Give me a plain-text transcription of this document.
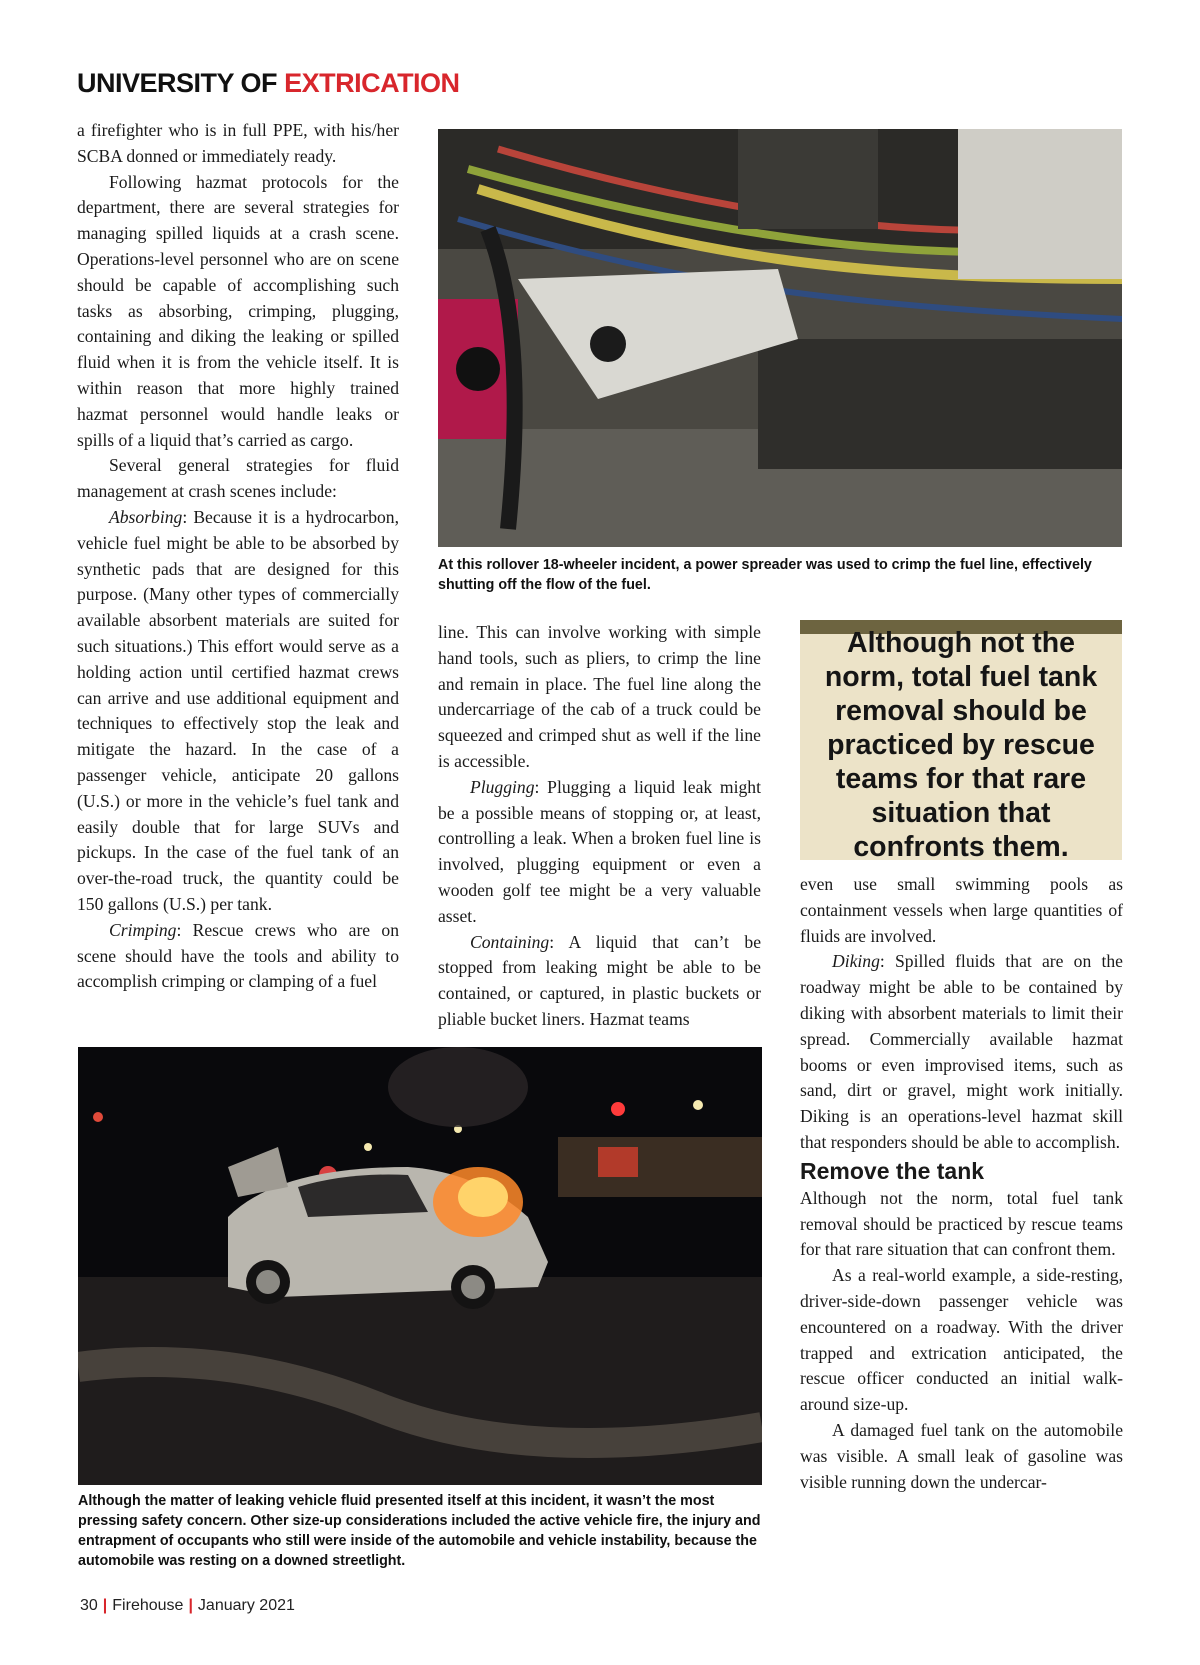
UNIVERSITY OF EXTRICATION

a firefighter who is in full PPE, with his/her SCBA donned or immediately ready.

Following hazmat protocols for the department, there are several strategies for managing spilled liquids at a crash scene. Operations-level personnel who are on scene should be capable of accomplishing such tasks as absorbing, crimping, plugging, containing and diking the leaking or spilled fluid when it is from the vehicle itself. It is within reason that more highly trained hazmat personnel would handle leaks or spills of a liquid that’s carried as cargo.

Several general strategies for fluid management at crash scenes include:

Absorbing: Because it is a hydrocarbon, vehicle fuel might be able to be absorbed by synthetic pads that are designed for this purpose. (Many other types of commercially available absorbent materials are suited for such situations.) This effort would serve as a holding action until certified hazmat crews can arrive and use additional equipment and techniques to effectively stop the leak and mitigate the hazard. In the case of a passenger vehicle, anticipate 20 gallons (U.S.) or more in the vehicle’s fuel tank and easily double that for large SUVs and pickups. In the case of the fuel tank of an over-the-road truck, the quantity could be 150 gallons (U.S.) per tank.

Crimping: Rescue crews who are on scene should have the tools and ability to accomplish crimping or clamping of a fuel

At this rollover 18-wheeler incident, a power spreader was used to crimp the fuel line, effectively shutting off the flow of the fuel.

line. This can involve working with simple hand tools, such as pliers, to crimp the line and remain in place. The fuel line along the undercarriage of the cab of a truck could be squeezed and crimped shut as well if the line is accessible.

Plugging: Plugging a liquid leak might be a possible means of stopping or, at least, controlling a leak. When a broken fuel line is involved, plugging equipment or even a wooden golf tee might be a very valuable asset.

Containing: A liquid that can’t be stopped from leaking might be able to be contained, or captured, in plastic buckets or pliable bucket liners. Hazmat teams

Although not the norm, total fuel tank removal should be practiced by rescue teams for that rare situation that confronts them.

even use small swimming pools as containment vessels when large quantities of fluids are involved.

Diking: Spilled fluids that are on the roadway might be able to be contained by diking with absorbent materials to limit their spread. Commercially available hazmat booms or even improvised items, such as sand, dirt or gravel, might work initially. Diking is an operations-level hazmat skill that responders should be able to accomplish.

Remove the tank

Although not the norm, total fuel tank removal should be practiced by rescue teams for that rare situation that can confront them.

As a real-world example, a side-resting, driver-side-down passenger vehicle was encountered on a roadway. With the driver trapped and extrication anticipated, the rescue officer conducted an initial walk-around size-up.

A damaged fuel tank on the automobile was visible. A small leak of gasoline was visible running down the undercar-

Although the matter of leaking vehicle fluid presented itself at this incident, it wasn’t the most pressing safety concern. Other size-up considerations included the active vehicle fire, the injury and entrapment of occupants who still were inside of the automobile and vehicle instability, because the automobile was resting on a downed streetlight.
30 | Firehouse | January 2021
